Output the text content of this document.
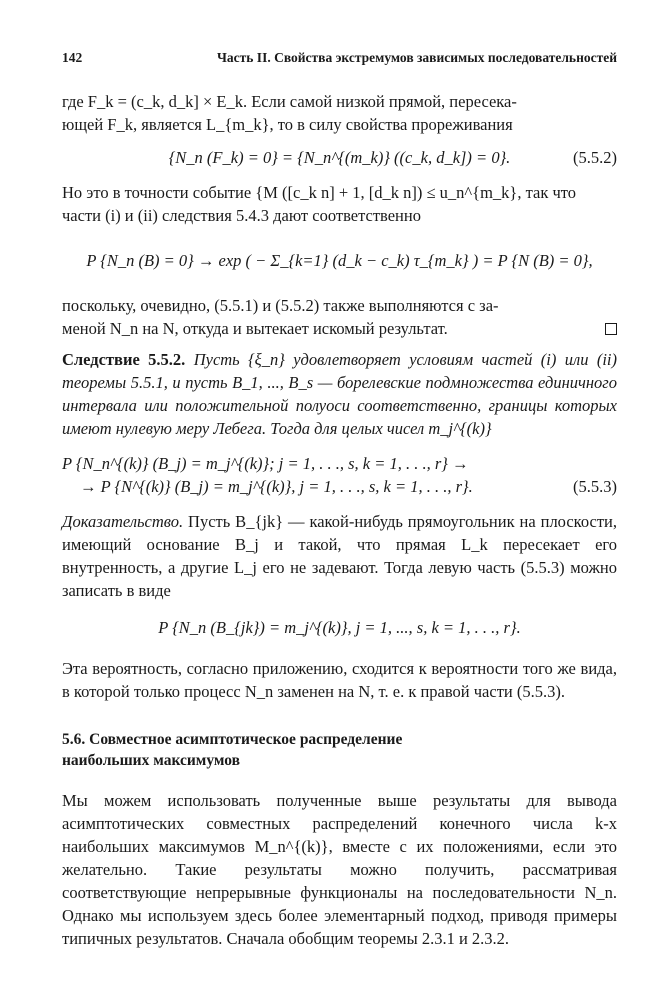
142	Часть II. Свойства экстремумов зависимых последовательностей

где F_k = (c_k, d_k] × E_k. Если самой низкой прямой, пересека-
ющей F_k, является L_{m_k}, то в силу свойства прореживания

{N_n (F_k) = 0} = {N_n^{(m_k)} ((c_k, d_k]) = 0}.	(5.5.2)

Но это в точности событие {M ([c_k n] + 1, [d_k n]) ≤ u_n^{m_k}, так что
части (i) и (ii) следствия 5.4.3 дают соответственно

P {N_n (B) = 0} → exp ( − Σ_{k=1} (d_k − c_k) τ_{m_k} ) = P {N (B) = 0},

поскольку, очевидно, (5.5.1) и (5.5.2) также выполняются с за-
меной N_n на N, откуда и вытекает искомый результат.

Следствие 5.5.2. Пусть {ξ_n} удовлетворяет условиям частей (i) или (ii) теоремы 5.5.1, и пусть B_1, ..., B_s — борелевские подмножества единичного интервала или положительной полуоси соответственно, границы которых имеют нулевую меру Лебега. Тогда для целых чисел m_j^{(k)}

P {N_n^{(k)} (B_j) = m_j^{(k)}; j = 1, . . ., s, k = 1, . . ., r} →
→ P {N^{(k)} (B_j) = m_j^{(k)}, j = 1, . . ., s, k = 1, . . ., r}.	(5.5.3)

Доказательство. Пусть B_{jk} — какой-нибудь прямоугольник на плоскости, имеющий основание B_j и такой, что прямая L_k пересекает его внутренность, а другие L_j его не задевают. Тогда левую часть (5.5.3) можно записать в виде

P {N_n (B_{jk}) = m_j^{(k)}, j = 1, ..., s, k = 1, . . ., r}.

Эта вероятность, согласно приложению, сходится к вероятности того же вида, в которой только процесс N_n заменен на N, т. е. к правой части (5.5.3).

5.6. Совместное асимптотическое распределение
наибольших максимумов

Мы можем использовать полученные выше результаты для вывода асимптотических совместных распределений конечного числа k-х наибольших максимумов M_n^{(k)}, вместе с их положениями, если это желательно. Такие результаты можно получить, рассматривая соответствующие непрерывные функционалы на последовательности N_n. Однако мы используем здесь более элементарный подход, приводя примеры типичных результатов. Сначала обобщим теоремы 2.3.1 и 2.3.2.
